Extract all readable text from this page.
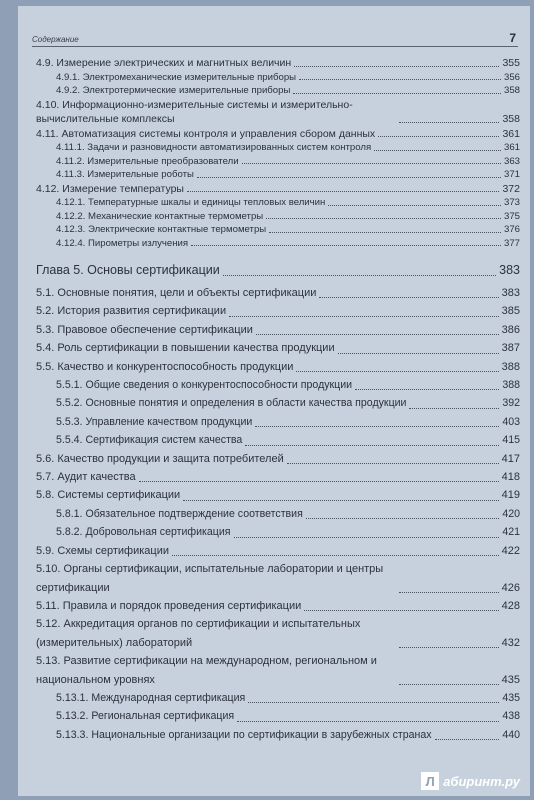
Содержание	7
4.9. Измерение электрических и магнитных величин	355
4.9.1. Электромеханические измерительные приборы	356
4.9.2. Электротермические измерительные приборы	358
4.10. Информационно-измерительные системы и измерительно-вычислительные комплексы	358
4.11. Автоматизация системы контроля и управления сбором данных	361
4.11.1. Задачи и разновидности автоматизированных систем контроля	361
4.11.2. Измерительные преобразователи	363
4.11.3. Измерительные роботы	371
4.12. Измерение температуры	372
4.12.1. Температурные шкалы и единицы тепловых величин	373
4.12.2. Механические контактные термометры	375
4.12.3. Электрические контактные термометры	376
4.12.4. Пирометры излучения	377
Глава 5. Основы сертификации	383
5.1. Основные понятия, цели и объекты сертификации	383
5.2. История развития сертификации	385
5.3. Правовое обеспечение сертификации	386
5.4. Роль сертификации в повышении качества продукции	387
5.5. Качество и конкурентоспособность продукции	388
5.5.1. Общие сведения о конкурентоспособности продукции	388
5.5.2. Основные понятия и определения в области качества продукции	392
5.5.3. Управление качеством продукции	403
5.5.4. Сертификация систем качества	415
5.6. Качество продукции и защита потребителей	417
5.7. Аудит качества	418
5.8. Системы сертификации	419
5.8.1. Обязательное подтверждение соответствия	420
5.8.2. Добровольная сертификация	421
5.9. Схемы сертификации	422
5.10. Органы сертификации, испытательные лаборатории и центры сертификации	426
5.11. Правила и порядок проведения сертификации	428
5.12. Аккредитация органов по сертификации и испытательных (измерительных) лабораторий	432
5.13. Развитие сертификации на международном, региональном и национальном уровнях	435
5.13.1. Международная сертификация	435
5.13.2. Региональная сертификация	438
5.13.3. Национальные организации по сертификации в зарубежных странах	440
Л абиринт.ру
